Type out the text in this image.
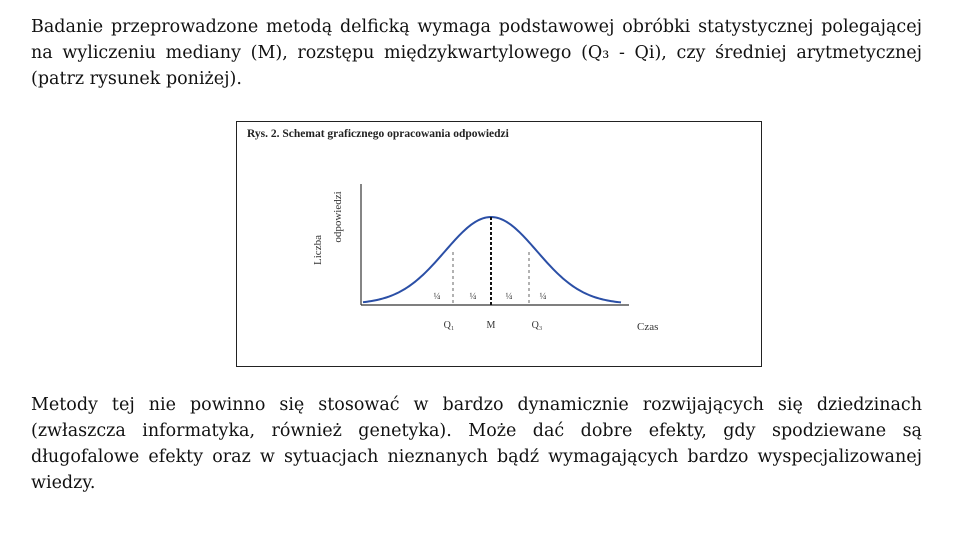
Badanie przeprowadzone metodą delficką wymaga podstawowej obróbki statystycznej polegającej na wyliczeniu mediany (M), rozstępu międzykwartylowego (Q₃ - Qi), czy średniej arytmetycznej (patrz rysunek poniżej).

Rys. 2. Schemat graficznego opracowania odpowiedzi
Liczba
odpowiedzi
¼	¼	¼	¼
Q₁	M	Q₃	Czas

Metody tej nie powinno się stosować w bardzo dynamicznie rozwijających się dziedzinach (zwłaszcza informatyka, również genetyka). Może dać dobre efekty, gdy spodziewane są długofalowe efekty oraz w sytuacjach nieznanych bądź wymagających bardzo wyspecjalizowanej wiedzy.
